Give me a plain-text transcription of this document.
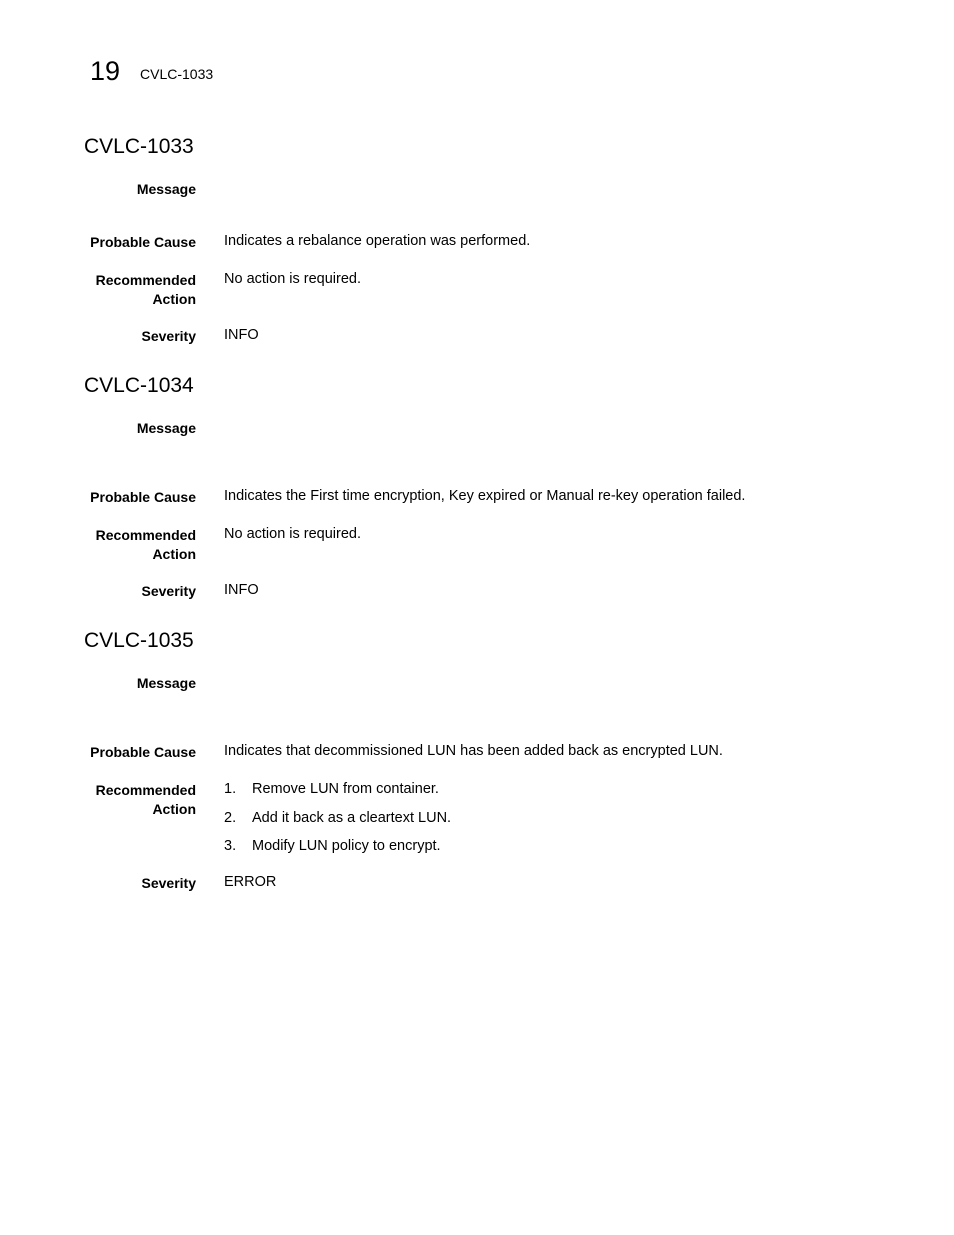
19 CVLC-1033
CVLC-1033
Message
Probable Cause Indicates a rebalance operation was performed.
Recommended
Action
No action is required.
Severity INFO
CVLC-1034
Message
Probable Cause Indicates the First time encryption, Key expired or Manual re-key operation failed.
Recommended
Action
No action is required.
Severity INFO
CVLC-1035
Message
Probable Cause Indicates that decommissioned LUN has been added back as encrypted LUN.
Recommended
Action
1. Remove LUN from container.
2. Add it back as a cleartext LUN.
3. Modify LUN policy to encrypt.
Severity ERROR
